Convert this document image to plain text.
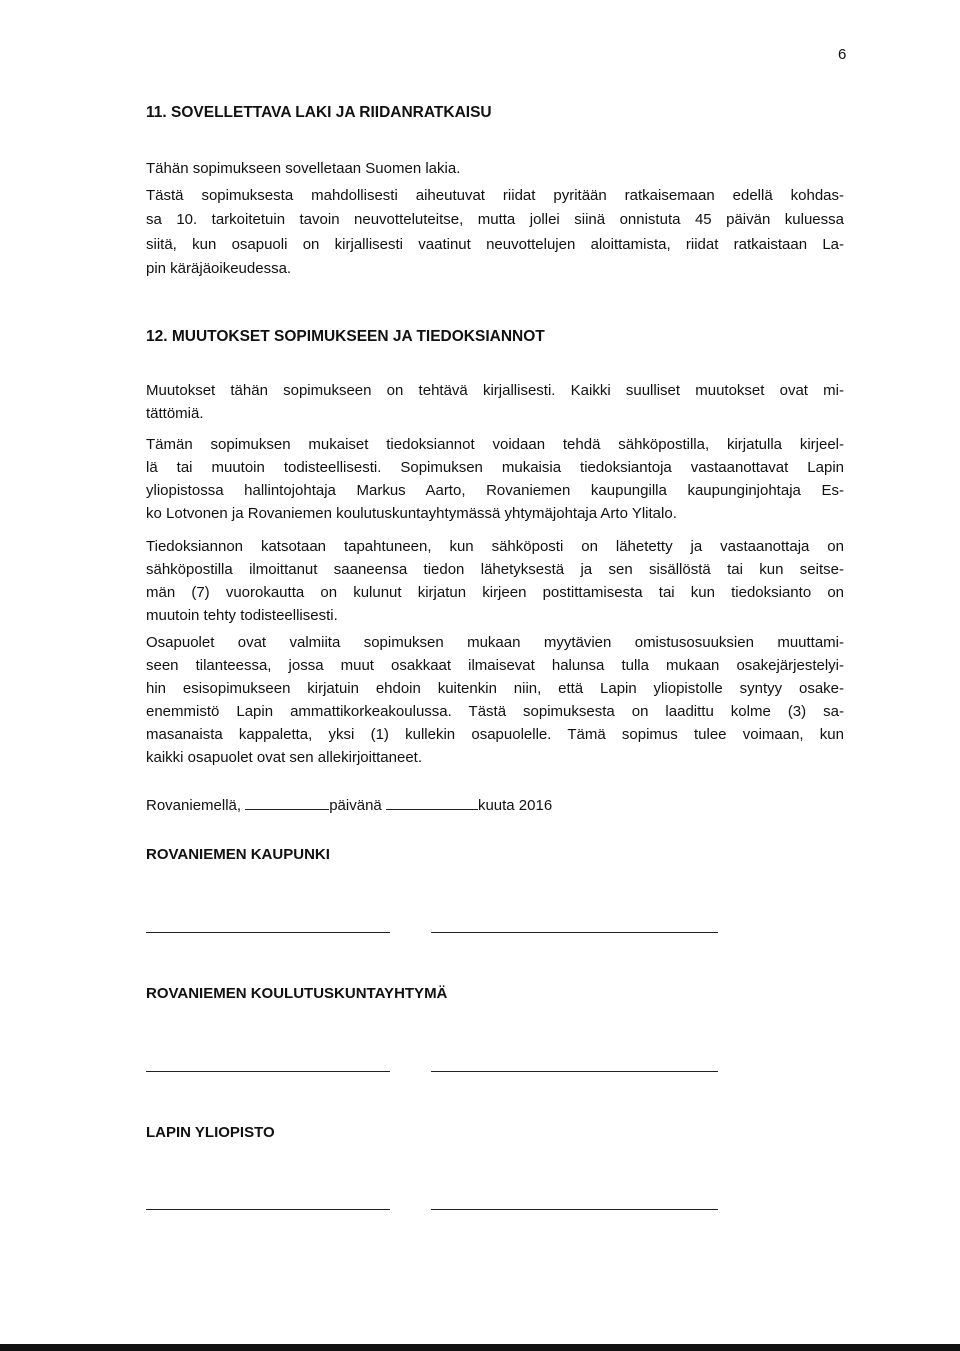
6
11. SOVELLETTAVA LAKI JA RIIDANRATKAISU
Tähän sopimukseen sovelletaan Suomen lakia.
Tästä sopimuksesta mahdollisesti aiheutuvat riidat pyritään ratkaisemaan edellä kohdas-
sa 10. tarkoitetuin tavoin neuvotteluteitse, mutta jollei siinä onnistuta 45 päivän kuluessa
siitä, kun osapuoli on kirjallisesti vaatinut neuvottelujen aloittamista, riidat ratkaistaan La-
pin käräjäoikeudessa.
12. MUUTOKSET SOPIMUKSEEN JA TIEDOKSIANNOT
Muutokset tähän sopimukseen on tehtävä kirjallisesti. Kaikki suulliset muutokset ovat mi-
tättömiä.
Tämän sopimuksen mukaiset tiedoksiannot voidaan tehdä sähköpostilla, kirjatulla kirjeel-
lä tai muutoin todisteellisesti. Sopimuksen mukaisia tiedoksiantoja vastaanottavat Lapin
yliopistossa hallintojohtaja Markus Aarto, Rovaniemen kaupungilla kaupunginjohtaja Es-
ko Lotvonen ja Rovaniemen koulutuskuntayhtymässä yhtymäjohtaja Arto Ylitalo.
Tiedoksiannon katsotaan tapahtuneen, kun sähköposti on lähetetty ja vastaanottaja on
sähköpostilla ilmoittanut saaneensa tiedon lähetyksestä ja sen sisällöstä tai kun seitse-
män (7) vuorokautta on kulunut kirjatun kirjeen postittamisesta tai kun tiedoksianto on
muutoin tehty todisteellisesti.
Osapuolet ovat valmiita sopimuksen mukaan myytävien omistusosuuksien muuttami-
seen tilanteessa, jossa muut osakkaat ilmaisevat halunsa tulla mukaan osakejärjestelyi-
hin esisopimukseen kirjatuin ehdoin kuitenkin niin, että Lapin yliopistolle syntyy osake-
enemmistö Lapin ammattikorkeakoulussa. Tästä sopimuksesta on laadittu kolme (3) sa-
masanaista kappaletta, yksi (1) kullekin osapuolelle. Tämä sopimus tulee voimaan, kun
kaikki osapuolet ovat sen allekirjoittaneet.
Rovaniemellä,	päivänä	kuuta 2016
ROVANIEMEN KAUPUNKI
ROVANIEMEN KOULUTUSKUNTAYHTYMÄ
LAPIN YLIOPISTO
